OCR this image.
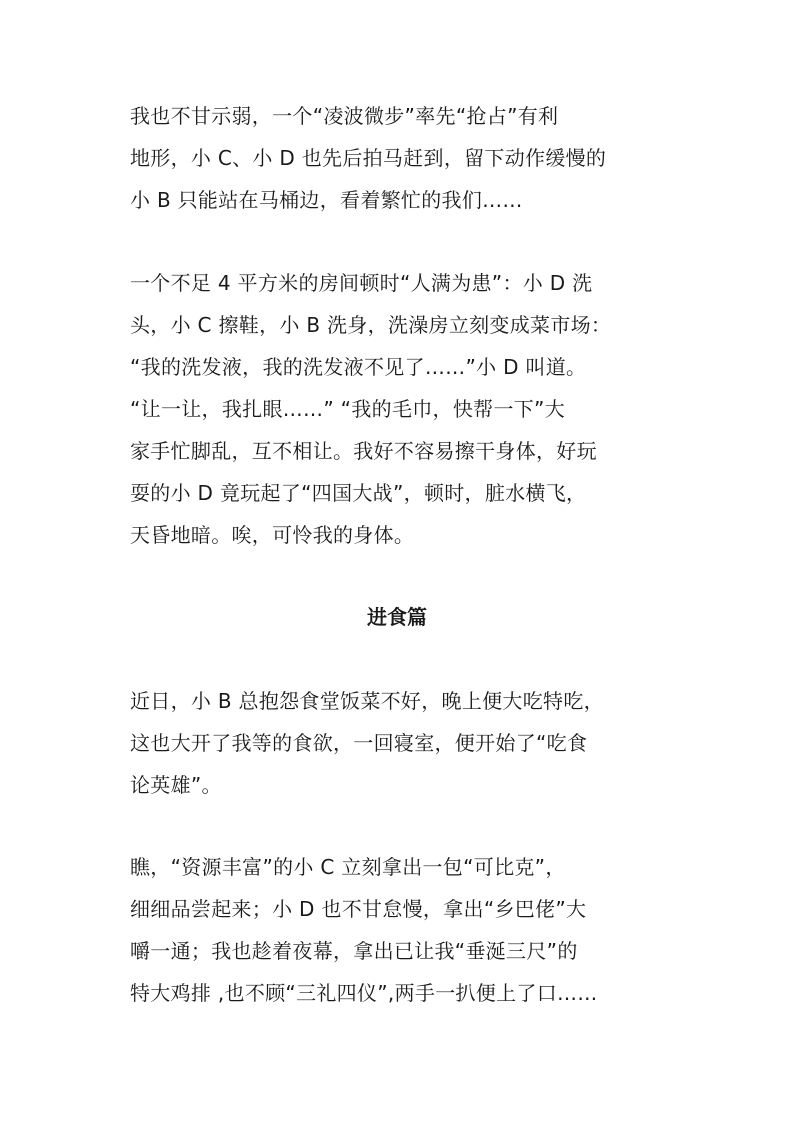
我也不甘示弱，一个“凌波微步”率先“抢占”有利
地形，小 C、小 D 也先后拍马赶到，留下动作缓慢的
小 B 只能站在马桶边，看着繁忙的我们……
一个不足 4 平方米的房间顿时“人满为患”：小 D 洗
头，小 C 擦鞋，小 B 洗身，洗澡房立刻变成菜市场：
“我的洗发液，我的洗发液不见了……”小 D 叫道。
“让一让，我扎眼……” “我的毛巾，快帮一下”大
家手忙脚乱，互不相让。我好不容易擦干身体，好玩
耍的小 D 竟玩起了“四国大战”，顿时，脏水横飞，
天昏地暗。唉，可怜我的身体。
进食篇
近日，小 B 总抱怨食堂饭菜不好，晚上便大吃特吃，
这也大开了我等的食欲，一回寝室，便开始了“吃食
论英雄”。
瞧，“资源丰富”的小 C 立刻拿出一包“可比克”，
细细品尝起来；小 D 也不甘怠慢，拿出“乡巴佬”大
嚼一通；我也趁着夜幕，拿出已让我“垂涎三尺”的
特大鸡排 ,也不顾“三礼四仪”,两手一扒便上了口……
